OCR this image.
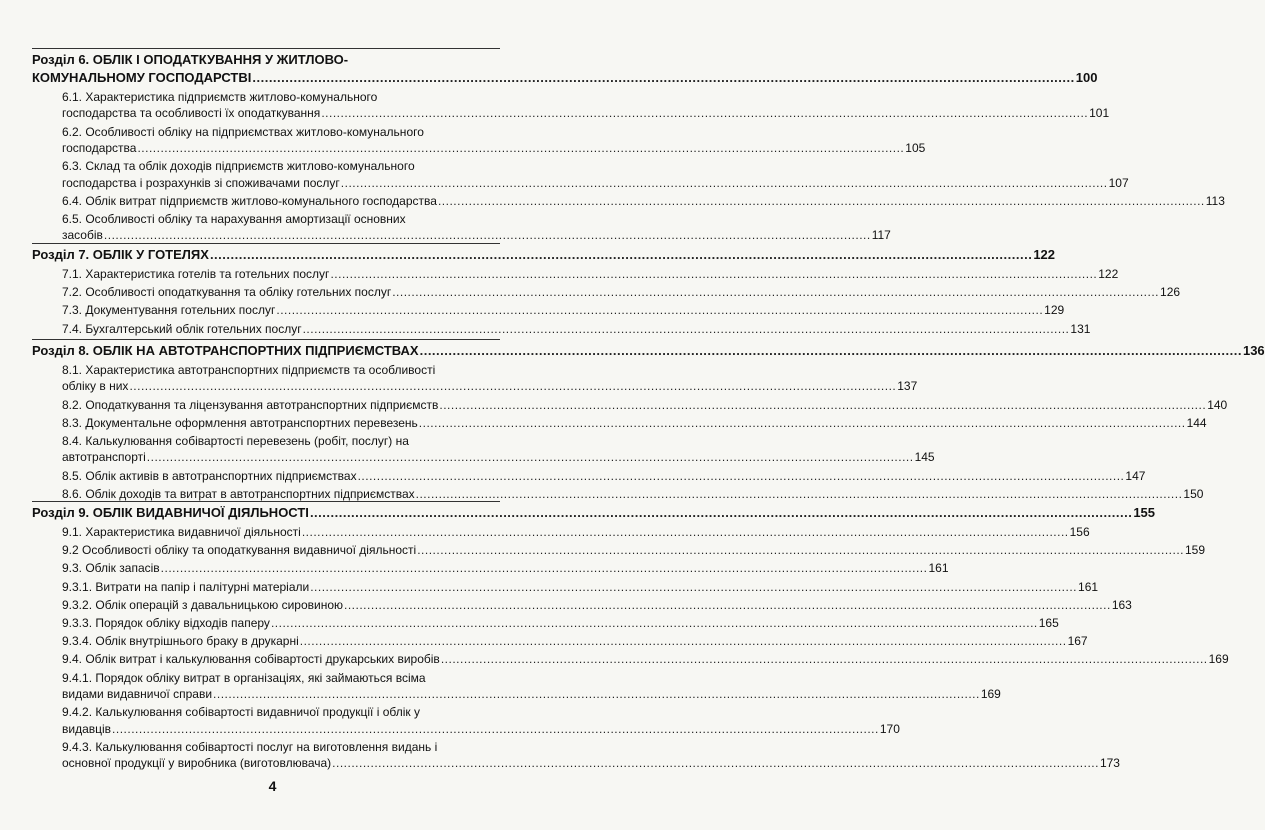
Розділ 6. ОБЛІК І ОПОДАТКУВАННЯ У ЖИТЛОВО-
КОМУНАЛЬНОМУ ГОСПОДАРСТВІ ........................................................................................................................................................................................................ 100
6.1. Характеристика підприємств житлово-комунального
господарства та особливості їх оподаткування ........................................................................................................................................................................................................ 101
6.2. Особливості обліку на підприємствах житлово-комунального
господарства ........................................................................................................................................................................................................ 105
6.3. Склад та облік доходів підприємств житлово-комунального
господарства і розрахунків зі споживачами послуг ........................................................................................................................................................................................................ 107
6.4. Облік витрат підприємств житлово-комунального господарства ........................................................................................................................................................................................................ 113
6.5. Особливості обліку та нарахування амортизації основних
засобів ........................................................................................................................................................................................................ 117
Розділ 7. ОБЛІК У ГОТЕЛЯХ ........................................................................................................................................................................................................ 122
7.1. Характеристика готелів та готельних послуг ........................................................................................................................................................................................................ 122
7.2. Особливості оподаткування та обліку готельних послуг ........................................................................................................................................................................................................ 126
7.3. Документування готельних послуг ........................................................................................................................................................................................................ 129
7.4. Бухгалтерський облік готельних послуг ........................................................................................................................................................................................................ 131
Розділ 8. ОБЛІК НА АВТОТРАНСПОРТНИХ ПІДПРИЄМСТВАХ ........................................................................................................................................................................................................ 136
8.1. Характеристика автотранспортних підприємств та особливості
обліку в них ........................................................................................................................................................................................................ 137
8.2. Оподаткування та ліцензування автотранспортних підприємств ........................................................................................................................................................................................................ 140
8.3. Документальне оформлення автотранспортних перевезень ........................................................................................................................................................................................................ 144
8.4. Калькулювання собівартості перевезень (робіт, послуг) на
автотранспорті ........................................................................................................................................................................................................ 145
8.5. Облік активів в автотранспортних підприємствах ........................................................................................................................................................................................................ 147
8.6. Облік доходів та витрат в автотранспортних підприємствах ........................................................................................................................................................................................................ 150
Розділ 9. ОБЛІК ВИДАВНИЧОЇ ДІЯЛЬНОСТІ ........................................................................................................................................................................................................ 155
9.1. Характеристика видавничої діяльності ........................................................................................................................................................................................................ 156
9.2 Особливості обліку та оподаткування видавничої діяльності ........................................................................................................................................................................................................ 159
9.3. Облік запасів ........................................................................................................................................................................................................ 161
9.3.1. Витрати на папір і палітурні матеріали ........................................................................................................................................................................................................ 161
9.3.2. Облік операцій з давальницькою сировиною ........................................................................................................................................................................................................ 163
9.3.3. Порядок обліку відходів паперу ........................................................................................................................................................................................................ 165
9.3.4. Облік внутрішнього браку в друкарні ........................................................................................................................................................................................................ 167
9.4. Облік витрат і калькулювання собівартості друкарських виробів ........................................................................................................................................................................................................ 169
9.4.1. Порядок обліку витрат в організаціях, які займаються всіма
видами видавничої справи ........................................................................................................................................................................................................ 169
9.4.2. Калькулювання собівартості видавничої продукції і облік у
видавців ........................................................................................................................................................................................................ 170
9.4.3. Калькулювання собівартості послуг на виготовлення видань і
основної продукції у виробника (виготовлювача) ........................................................................................................................................................................................................ 173
4
